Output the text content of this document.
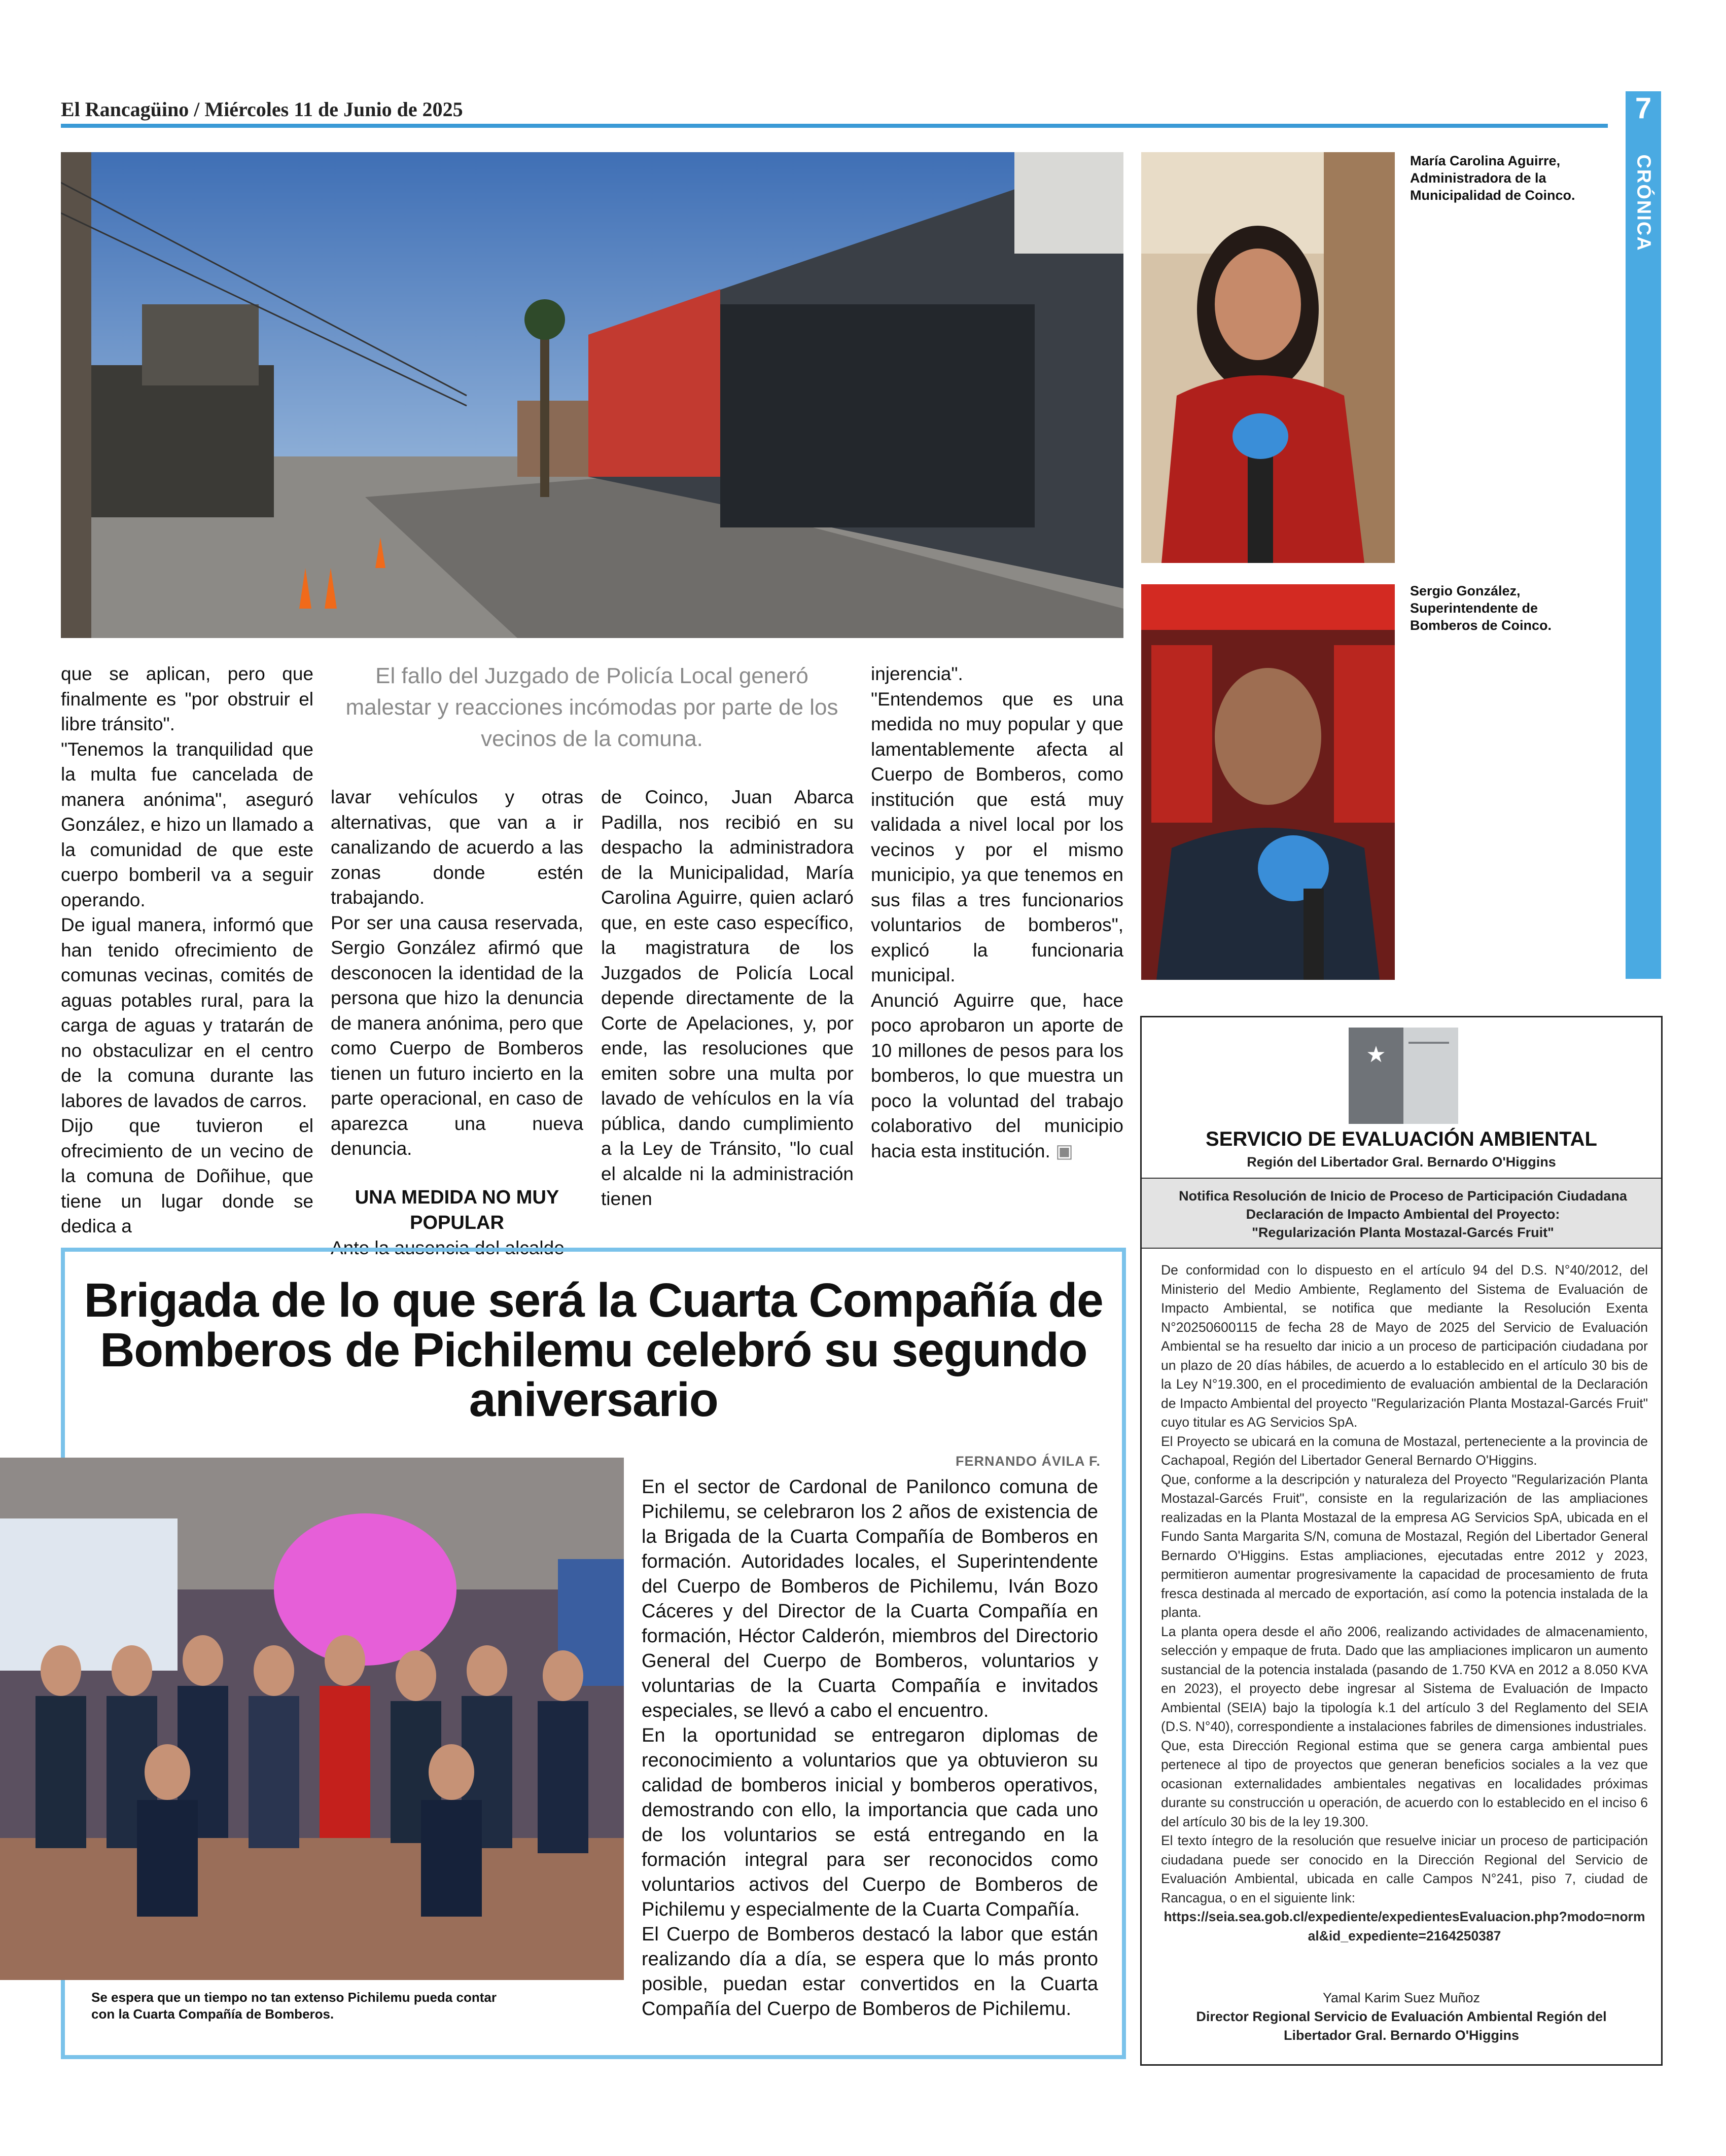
El Rancagüino / Miércoles 11 de Junio de 2025	7
CRÓNICA
María Carolina Aguirre, Administradora de la Municipalidad de Coinco.
Sergio González, Superintendente de Bomberos de Coinco.
El fallo del Juzgado de Policía Local generó malestar y reacciones incómodas por parte de los vecinos de la comuna.

que se aplican, pero que finalmente es "por obstruir el libre tránsito".

"Tenemos la tranquilidad que la multa fue cancelada de manera anónima", aseguró González, e hizo un llamado a la comunidad de que este cuerpo bomberil va a seguir operando.

De igual manera, informó que han tenido ofrecimiento de comunas vecinas, comités de aguas potables rural, para la carga de aguas y tratarán de no obstaculizar en el centro de la comuna durante las labores de lavados de carros.

Dijo que tuvieron el ofrecimiento de un vecino de la comuna de Doñihue, que tiene un lugar donde se dedica a

lavar vehículos y otras alternativas, que van a ir canalizando de acuerdo a las zonas donde estén trabajando.

Por ser una causa reservada, Sergio González afirmó que desconocen la identidad de la persona que hizo la denuncia de manera anónima, pero que como Cuerpo de Bomberos tienen un futuro incierto en la parte operacional, en caso de aparezca una nueva denuncia.

UNA MEDIDA NO MUY POPULAR

Ante la ausencia del alcalde

de Coinco, Juan Abarca Padilla, nos recibió en su despacho la administradora de la Municipalidad, María Carolina Aguirre, quien aclaró que, en este caso específico, la magistratura de los Juzgados de Policía Local depende directamente de la Corte de Apelaciones, y, por ende, las resoluciones que emiten sobre una multa por lavado de vehículos en la vía pública, dando cumplimiento a la Ley de Tránsito, "lo cual el alcalde ni la administración tienen

injerencia".

"Entendemos que es una medida no muy popular y que lamentablemente afecta al Cuerpo de Bomberos, como institución que está muy validada a nivel local por los vecinos y por el mismo municipio, ya que tenemos en sus filas a tres funcionarios voluntarios de bomberos", explicó la funcionaria municipal.

Anunció Aguirre que, hace poco aprobaron un aporte de 10 millones de pesos para los bomberos, lo que muestra un poco la voluntad del trabajo colaborativo del municipio hacia esta institución. ▣

Brigada de lo que será la Cuarta Compañía de Bomberos de Pichilemu celebró su segundo aniversario
FERNANDO ÁVILA F.
Se espera que un tiempo no tan extenso Pichilemu pueda contar con la Cuarta Compañía de Bomberos.

En el sector de Cardonal de Panilonco comuna de Pichilemu, se celebraron los 2 años de existencia de la Brigada de la Cuarta Compañía de Bomberos en formación. Autoridades locales, el Superintendente del Cuerpo de Bomberos de Pichilemu, Iván Bozo Cáceres y del Director de la Cuarta Compañía en formación, Héctor Calderón, miembros del Directorio General del Cuerpo de Bomberos, voluntarios y voluntarias de la Cuarta Compañía e invitados especiales, se llevó a cabo el encuentro.

En la oportunidad se entregaron diplomas de reconocimiento a voluntarios que ya obtuvieron su calidad de bomberos inicial y bomberos operativos, demostrando con ello, la importancia que cada uno de los voluntarios se está entregando en la formación integral para ser reconocidos como voluntarios activos del Cuerpo de Bomberos de Pichilemu y especialmente de la Cuarta Compañía.

El Cuerpo de Bomberos destacó la labor que están realizando día a día, se espera que lo más pronto posible, puedan estar convertidos en la Cuarta Compañía del Cuerpo de Bomberos de Pichilemu.

★
SERVICIO DE EVALUACIÓN AMBIENTAL
Región del Libertador Gral. Bernardo O'Higgins
Notifica Resolución de Inicio de Proceso de Participación Ciudadana
Declaración de Impacto Ambiental del Proyecto:
"Regularización Planta Mostazal-Garcés Fruit"

De conformidad con lo dispuesto en el artículo 94 del D.S. N°40/2012, del Ministerio del Medio Ambiente, Reglamento del Sistema de Evaluación de Impacto Ambiental, se notifica que mediante la Resolución Exenta N°20250600115 de fecha 28 de Mayo de 2025 del Servicio de Evaluación Ambiental se ha resuelto dar inicio a un proceso de participación ciudadana por un plazo de 20 días hábiles, de acuerdo a lo establecido en el artículo 30 bis de la Ley N°19.300, en el procedimiento de evaluación ambiental de la Declaración de Impacto Ambiental del proyecto "Regularización Planta Mostazal-Garcés Fruit" cuyo titular es AG Servicios SpA.

El Proyecto se ubicará en la comuna de Mostazal, perteneciente a la provincia de Cachapoal, Región del Libertador General Bernardo O'Higgins.

Que, conforme a la descripción y naturaleza del Proyecto "Regularización Planta Mostazal-Garcés Fruit", consiste en la regularización de las ampliaciones realizadas en la Planta Mostazal de la empresa AG Servicios SpA, ubicada en el Fundo Santa Margarita S/N, comuna de Mostazal, Región del Libertador General Bernardo O'Higgins. Estas ampliaciones, ejecutadas entre 2012 y 2023, permitieron aumentar progresivamente la capacidad de procesamiento de fruta fresca destinada al mercado de exportación, así como la potencia instalada de la planta.

La planta opera desde el año 2006, realizando actividades de almacenamiento, selección y empaque de fruta. Dado que las ampliaciones implicaron un aumento sustancial de la potencia instalada (pasando de 1.750 KVA en 2012 a 8.050 KVA en 2023), el proyecto debe ingresar al Sistema de Evaluación de Impacto Ambiental (SEIA) bajo la tipología k.1 del artículo 3 del Reglamento del SEIA (D.S. N°40), correspondiente a instalaciones fabriles de dimensiones industriales.

Que, esta Dirección Regional estima que se genera carga ambiental pues pertenece al tipo de proyectos que generan beneficios sociales a la vez que ocasionan externalidades ambientales negativas en localidades próximas durante su construcción u operación, de acuerdo con lo establecido en el inciso 6 del artículo 30 bis de la ley 19.300.

El texto íntegro de la resolución que resuelve iniciar un proceso de participación ciudadana puede ser conocido en la Dirección Regional del Servicio de Evaluación Ambiental, ubicada en calle Campos N°241, piso 7, ciudad de Rancagua, o en el siguiente link:

https://seia.sea.gob.cl/expediente/expedientesEvaluacion.php?modo=normal&id_expediente=2164250387

Yamal Karim Suez Muñoz
Director Regional Servicio de Evaluación Ambiental Región del Libertador Gral. Bernardo O'Higgins
